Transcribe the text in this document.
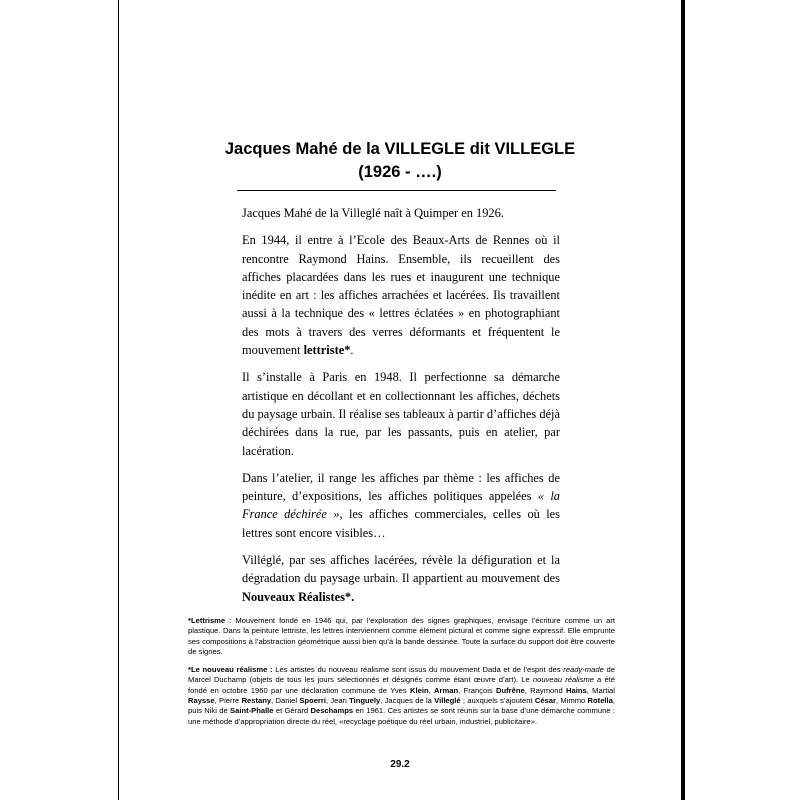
Jacques Mahé de la VILLEGLE dit VILLEGLE
(1926 - ….)

Jacques Mahé de la Villeglé naît à Quimper en 1926.

En 1944, il entre à l’Ecole des Beaux-Arts de Rennes où il rencontre Raymond Hains. Ensemble, ils recueillent des affiches placardées dans les rues et inaugurent une technique inédite en art : les affiches arrachées et lacérées. Ils travaillent aussi à la technique des « lettres éclatées » en photographiant des mots à travers des verres déformants et fréquentent le mouvement lettriste*.

Il s’installe à Paris en 1948. Il perfectionne sa démarche artistique en décollant et en collectionnant les affiches, déchets du paysage urbain. Il réalise ses tableaux à partir d’affiches déjà déchirées dans la rue, par les passants, puis en atelier, par lacération.

Dans l’atelier, il range les affiches par thème : les affiches de peinture, d’expositions, les affiches politiques appelées « la France déchirée », les affiches commerciales, celles où les lettres sont encore visibles…

Villéglé, par ses affiches lacérées, révèle la défiguration et la dégradation du paysage urbain. Il appartient au mouvement des Nouveaux Réalistes*.

*Lettrisme : Mouvement fondé en 1946 qui, par l’exploration des signes graphiques, envisage l’écriture comme un art plastique. Dans la peinture lettriste, les lettres interviennent comme élément pictural et comme signe expressif. Elle emprunte ses compositions à l’abstraction géométrique aussi bien qu’à la bande dessinée. Toute la surface du support doit être couverte de signes.

*Le nouveau réalisme : Les artistes du nouveau réalisme sont issus du mouvement Dada et de l’esprit des ready-made de Marcel Duchamp (objets de tous les jours sélectionnés et désignés comme étant œuvre d’art). Le nouveau réalisme a été fondé en octobre 1960 par une déclaration commune de Yves Klein, Arman, François Dufrêne, Raymond Hains, Martial Raysse, Pierre Restany, Daniel Spoerri, Jean Tinguely, Jacques de la Villeglé ; auxquels s’ajoutent César, Mimmo Rotella, puis Niki de Saint-Phalle et Gérard Deschamps en 1961. Ces artistes se sont réunis sur la base d’une démarche commune : une méthode d’appropriation directe du réel, «recyclage poétique du réel urbain, industriel, publicitaire».

29.2
